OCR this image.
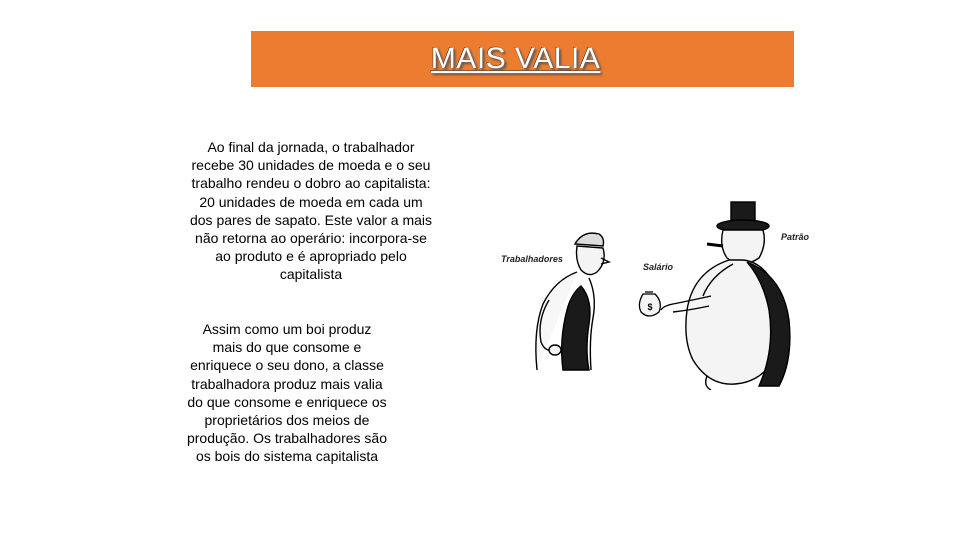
MAIS VALIA
Ao final da jornada, o trabalhador
recebe 30 unidades de moeda e o seu
trabalho rendeu o dobro ao capitalista:
20 unidades de moeda em cada um
dos pares de sapato. Este valor a mais
não retorna ao operário: incorpora-se
ao produto e é apropriado pelo
capitalista
Assim como um boi produz
mais do que consome e
enriquece o seu dono, a classe
trabalhadora produz mais valia
do que consome e enriquece os
proprietários dos meios de
produção. Os trabalhadores são
os bois do sistema capitalista
$
Trabalhadores
Salário
Patrão
